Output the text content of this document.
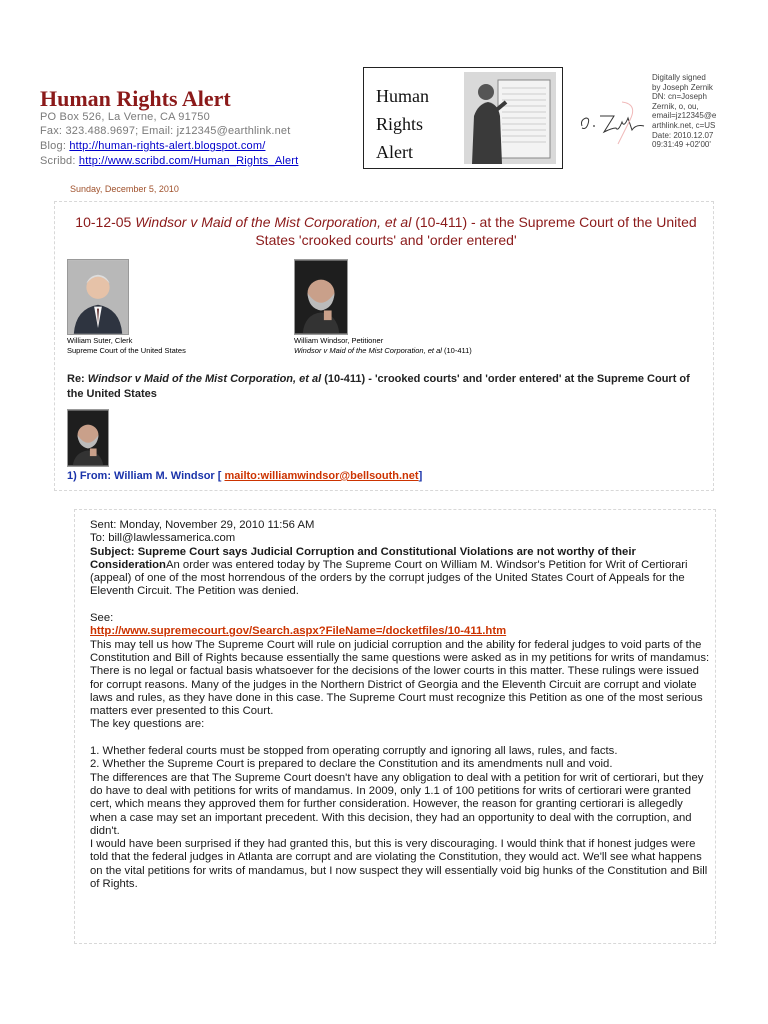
Human Rights Alert
PO Box 526, La Verne, CA 91750
Fax: 323.488.9697; Email: jz12345@earthlink.net
Blog: http://human-rights-alert.blogspot.com/
Scribd: http://www.scribd.com/Human_Rights_Alert
Human
Rights
Alert
Digitally signed
by Joseph Zernik
DN: cn=Joseph
Zernik, o, ou,
email=jz12345@e
arthlink.net, c=US
Date: 2010.12.07
09:31:49 +02'00'
Sunday, December 5, 2010
10-12-05 Windsor v Maid of the Mist Corporation, et al (10-411) - at the Supreme Court of the United States 'crooked courts' and 'order entered'
William Suter, Clerk
Supreme Court of the United States
William Windsor, Petitioner
Windsor v Maid of the Mist Corporation, et al (10-411)
Re: Windsor v Maid of the Mist Corporation, et al (10-411) - 'crooked courts' and 'order entered' at the Supreme Court of the United States
1) From: William M. Windsor [ mailto:williamwindsor@bellsouth.net]

Sent: Monday, November 29, 2010 11:56 AM

To: bill@lawlessamerica.com

Subject: Supreme Court says Judicial Corruption and Constitutional Violations are not worthy of their ConsiderationAn order was entered today by The Supreme Court on William M. Windsor's Petition for Writ of Certiorari (appeal) of one of the most horrendous of the orders by the corrupt judges of the United States Court of Appeals for the Eleventh Circuit. The Petition was denied.

See:

http://www.supremecourt.gov/Search.aspx?FileName=/docketfiles/10-411.htm

This may tell us how The Supreme Court will rule on judicial corruption and the ability for federal judges to void parts of the Constitution and Bill of Rights because essentially the same questions were asked as in my petitions for writs of mandamus:

There is no legal or factual basis whatsoever for the decisions of the lower courts in this matter. These rulings were issued for corrupt reasons. Many of the judges in the Northern District of Georgia and the Eleventh Circuit are corrupt and violate laws and rules, as they have done in this case. The Supreme Court must recognize this Petition as one of the most serious matters ever presented to this Court.

The key questions are:

1. Whether federal courts must be stopped from operating corruptly and ignoring all laws, rules, and facts.

2. Whether the Supreme Court is prepared to declare the Constitution and its amendments null and void.

The differences are that The Supreme Court doesn't have any obligation to deal with a petition for writ of certiorari, but they do have to deal with petitions for writs of mandamus. In 2009, only 1.1 of 100 petitions for writs of certiorari were granted cert, which means they approved them for further consideration. However, the reason for granting certiorari is allegedly when a case may set an important precedent. With this decision, they had an opportunity to deal with the corruption, and didn't.

I would have been surprised if they had granted this, but this is very discouraging. I would think that if honest judges were told that the federal judges in Atlanta are corrupt and are violating the Constitution, they would act. We'll see what happens on the vital petitions for writs of mandamus, but I now suspect they will essentially void big hunks of the Constitution and Bill of Rights.
